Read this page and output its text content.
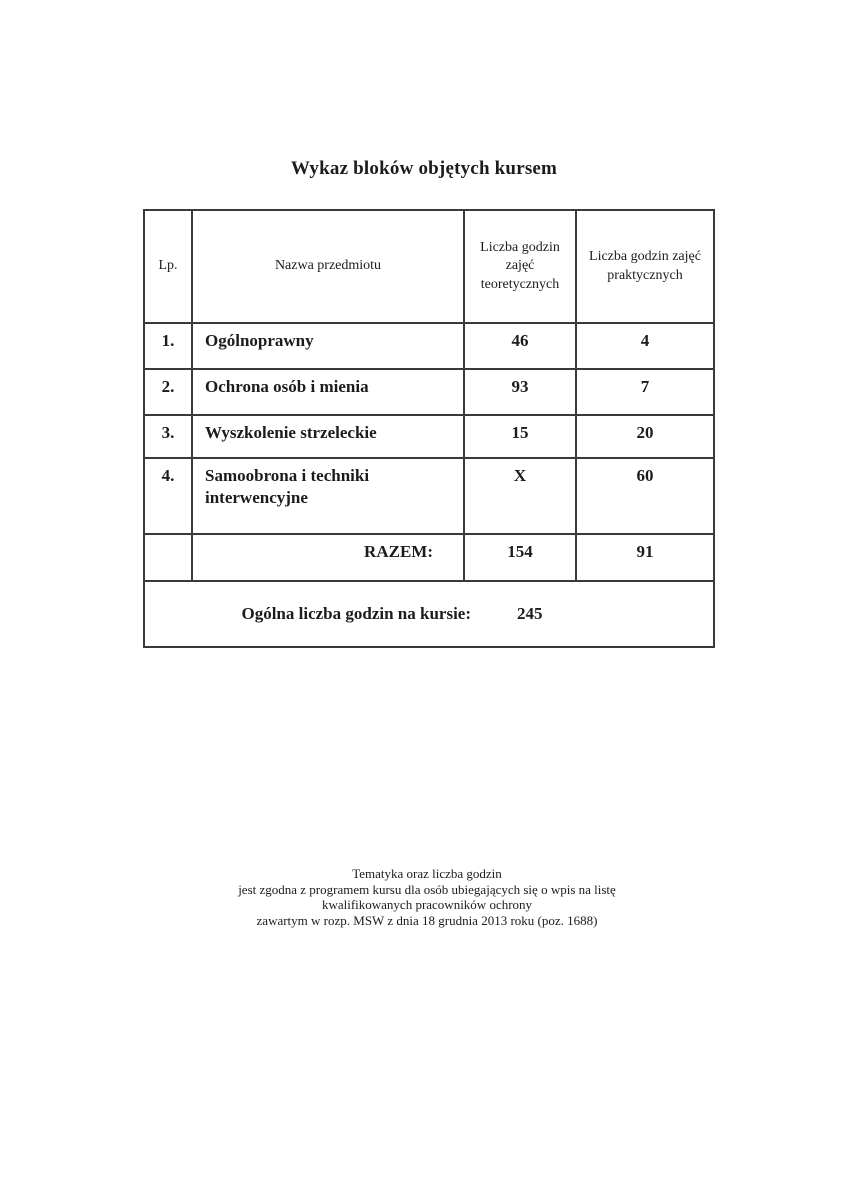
Wykaz bloków objętych kursem
Lp.	Nazwa przedmiotu	Liczba godzin zajęć teoretycznych	Liczba godzin zajęć praktycznych
1.	Ogólnoprawny	46	4
2.	Ochrona osób i mienia	93	7
3.	Wyszkolenie strzeleckie	15	20
4.	Samoobrona i techniki interwencyjne	X	60
	RAZEM:	154	91

Ogólna liczba godzin na kursie: 245			
Tematyka oraz liczba godzin
jest zgodna z programem kursu dla osób ubiegających się o wpis na listę
kwalifikowanych pracowników ochrony
zawartym w rozp. MSW z dnia 18 grudnia 2013 roku (poz. 1688)
